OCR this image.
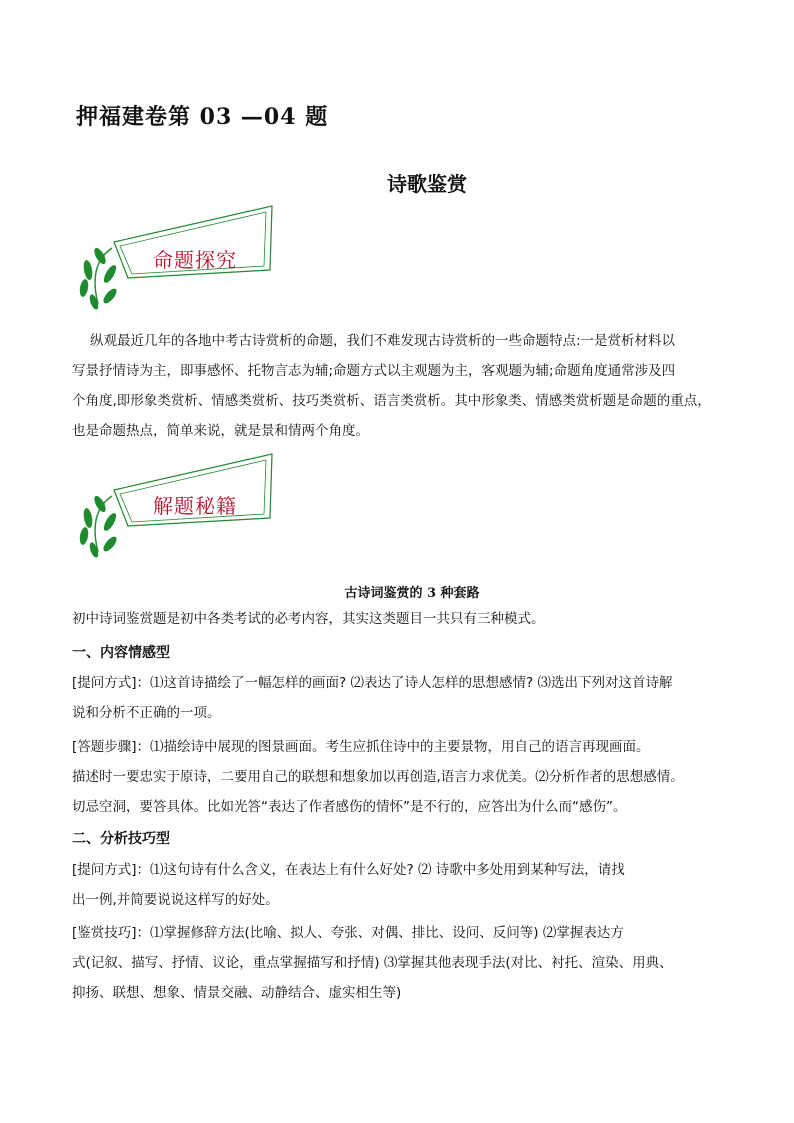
押福建卷第 03 —04 题
诗歌鉴赏
命题探究
纵观最近几年的各地中考古诗赏析的命题，我们不难发现古诗赏析的一些命题特点:一是赏析材料以
写景抒情诗为主，即事感怀、托物言志为辅;命题方式以主观题为主，客观题为辅;命题角度通常涉及四
个角度,即形象类赏析、情感类赏析、技巧类赏析、语言类赏析。其中形象类、情感类赏析题是命题的重点，
也是命题热点，简单来说，就是景和情两个角度。
解题秘籍
古诗词鉴赏的 3 种套路
初中诗词鉴赏题是初中各类考试的必考内容，其实这类题目一共只有三种模式。
一、内容情感型
[提问方式]：⑴这首诗描绘了一幅怎样的画面? ⑵表达了诗人怎样的思想感情? ⑶选出下列对这首诗解
说和分析不正确的一项。
[答题步骤]：⑴描绘诗中展现的图景画面。考生应抓住诗中的主要景物，用自己的语言再现画面。
描述时一要忠实于原诗，二要用自己的联想和想象加以再创造,语言力求优美。⑵分析作者的思想感情。
切忌空洞，要答具体。比如光答“表达了作者感伤的情怀”是不行的，应答出为什么而“感伤”。
二、分析技巧型
[提问方式]：⑴这句诗有什么含义，在表达上有什么好处? ⑵ 诗歌中多处用到某种写法，请找
出一例,并简要说说这样写的好处。
[鉴赏技巧]：⑴掌握修辞方法(比喻、拟人、夸张、对偶、排比、设问、反问等) ⑵掌握表达方
式(记叙、描写、抒情、议论，重点掌握描写和抒情) ⑶掌握其他表现手法(对比、衬托、渲染、用典、
抑扬、联想、想象、情景交融、动静结合、虚实相生等)
